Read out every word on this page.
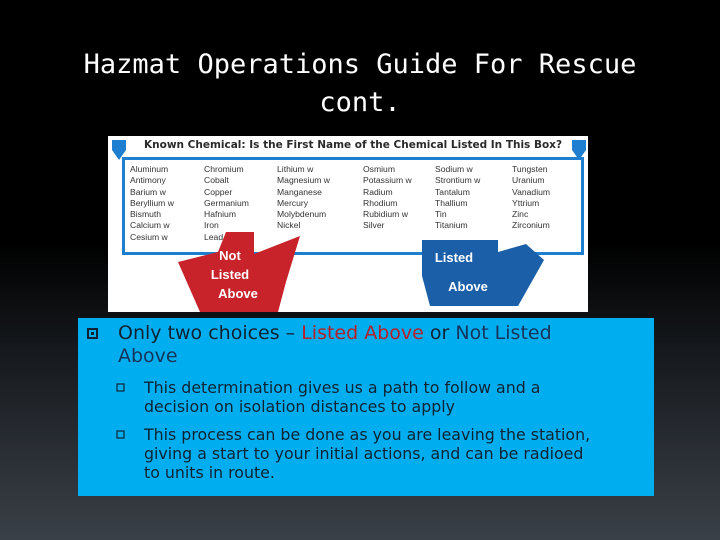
Hazmat Operations Guide For Rescue
cont.
Known Chemical: Is the First Name of the Chemical Listed In This Box?
Aluminum
Antimony
Barium w
Beryllium w
Bismuth
Calcium w
Cesium w
Chromium
Cobalt
Copper
Germanium
Hafnium
Iron
Lead
Lithium w
Magnesium w
Manganese
Mercury
Molybdenum
Nickel
Osmium
Potassium w
Radium
Rhodium
Rubidium w
Silver
Sodium w
Strontium w
Tantalum
Thallium
Tin
Titanium
Tungsten
Uranium
Vanadium
Yttrium
Zinc
Zirconium
Not
Listed
Above
Listed
Above
Only two choices – Listed Above or Not Listed
Above
This determination gives us a path to follow and a
decision on isolation distances to apply
This process can be done as you are leaving the station,
giving a start to your initial actions, and can be radioed
to units in route.
